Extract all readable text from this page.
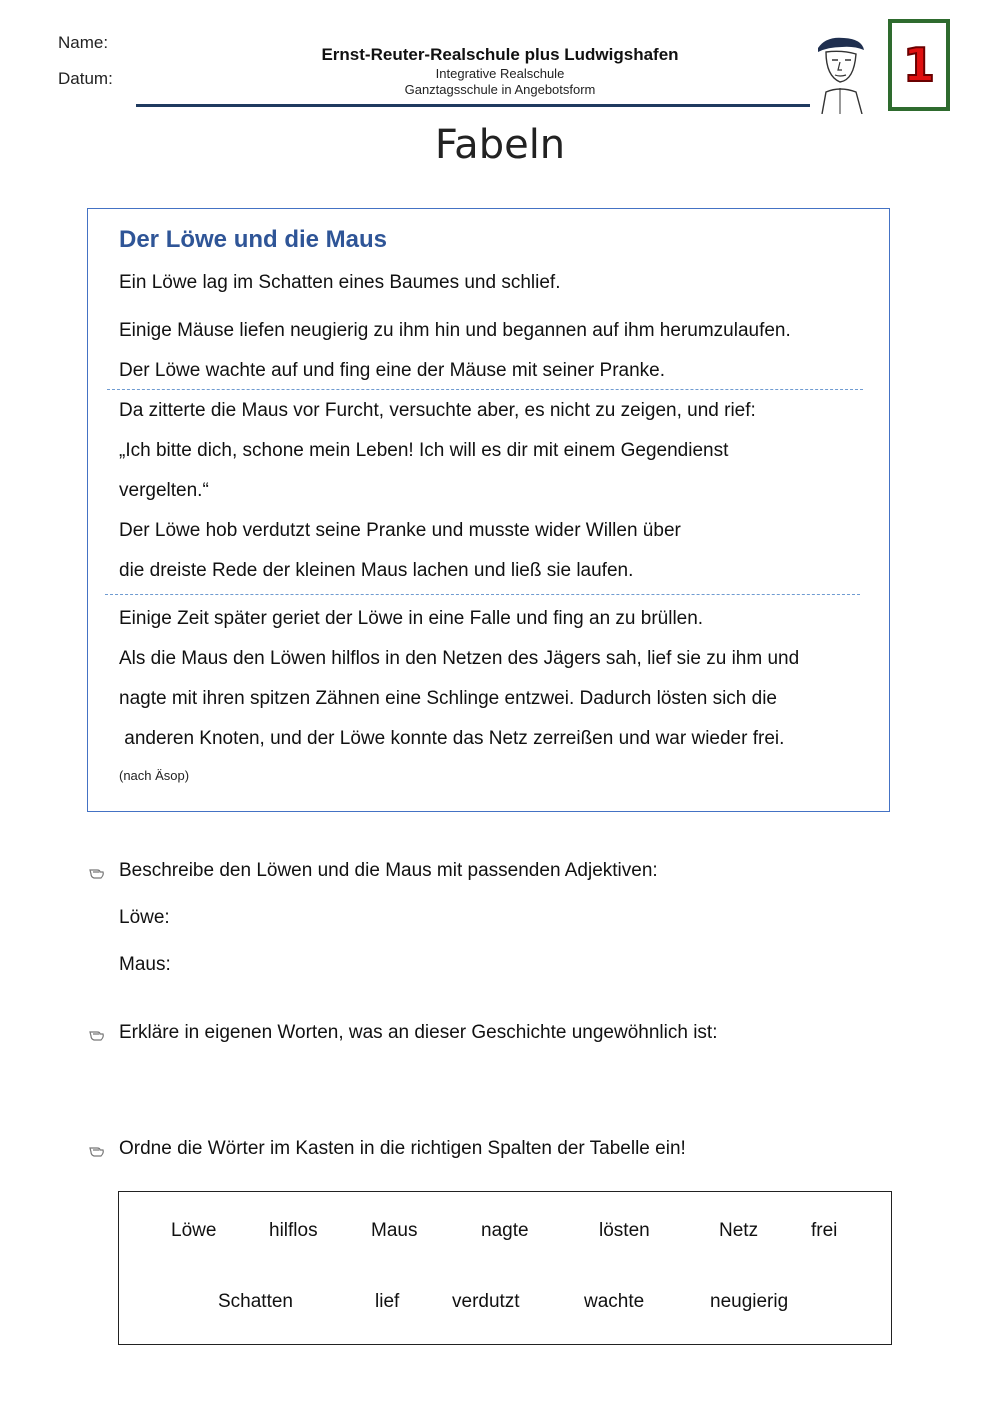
Name:
Datum:
Ernst-Reuter-Realschule plus Ludwigshafen
Integrative Realschule
Ganztagsschule in Angebotsform	1
Fabeln
Der Löwe und die Maus
Ein Löwe lag im Schatten eines Baumes und schlief.
Einige Mäuse liefen neugierig zu ihm hin und begannen auf ihm herumzulaufen.
Der Löwe wachte auf und fing eine der Mäuse mit seiner Pranke.
Da zitterte die Maus vor Furcht, versuchte aber, es nicht zu zeigen, und rief:
„Ich bitte dich, schone mein Leben! Ich will es dir mit einem Gegendienst
vergelten.“
Der Löwe hob verdutzt seine Pranke und musste wider Willen über
die dreiste Rede der kleinen Maus lachen und ließ sie laufen.
Einige Zeit später geriet der Löwe in eine Falle und fing an zu brüllen.
Als die Maus den Löwen hilflos in den Netzen des Jägers sah, lief sie zu ihm und
nagte mit ihren spitzen Zähnen eine Schlinge entzwei. Dadurch lösten sich die
anderen Knoten, und der Löwe konnte das Netz zerreißen und war wieder frei.
(nach Äsop)
Beschreibe den Löwen und die Maus mit passenden Adjektiven:
Löwe:
Maus:
Erkläre in eigenen Worten, was an dieser Geschichte ungewöhnlich ist:
Ordne die Wörter im Kasten in die richtigen Spalten der Tabelle ein!
Löwe	hilflos	Maus	nagte	lösten	Netz	frei
Schatten	lief	verdutzt	wachte	neugierig
